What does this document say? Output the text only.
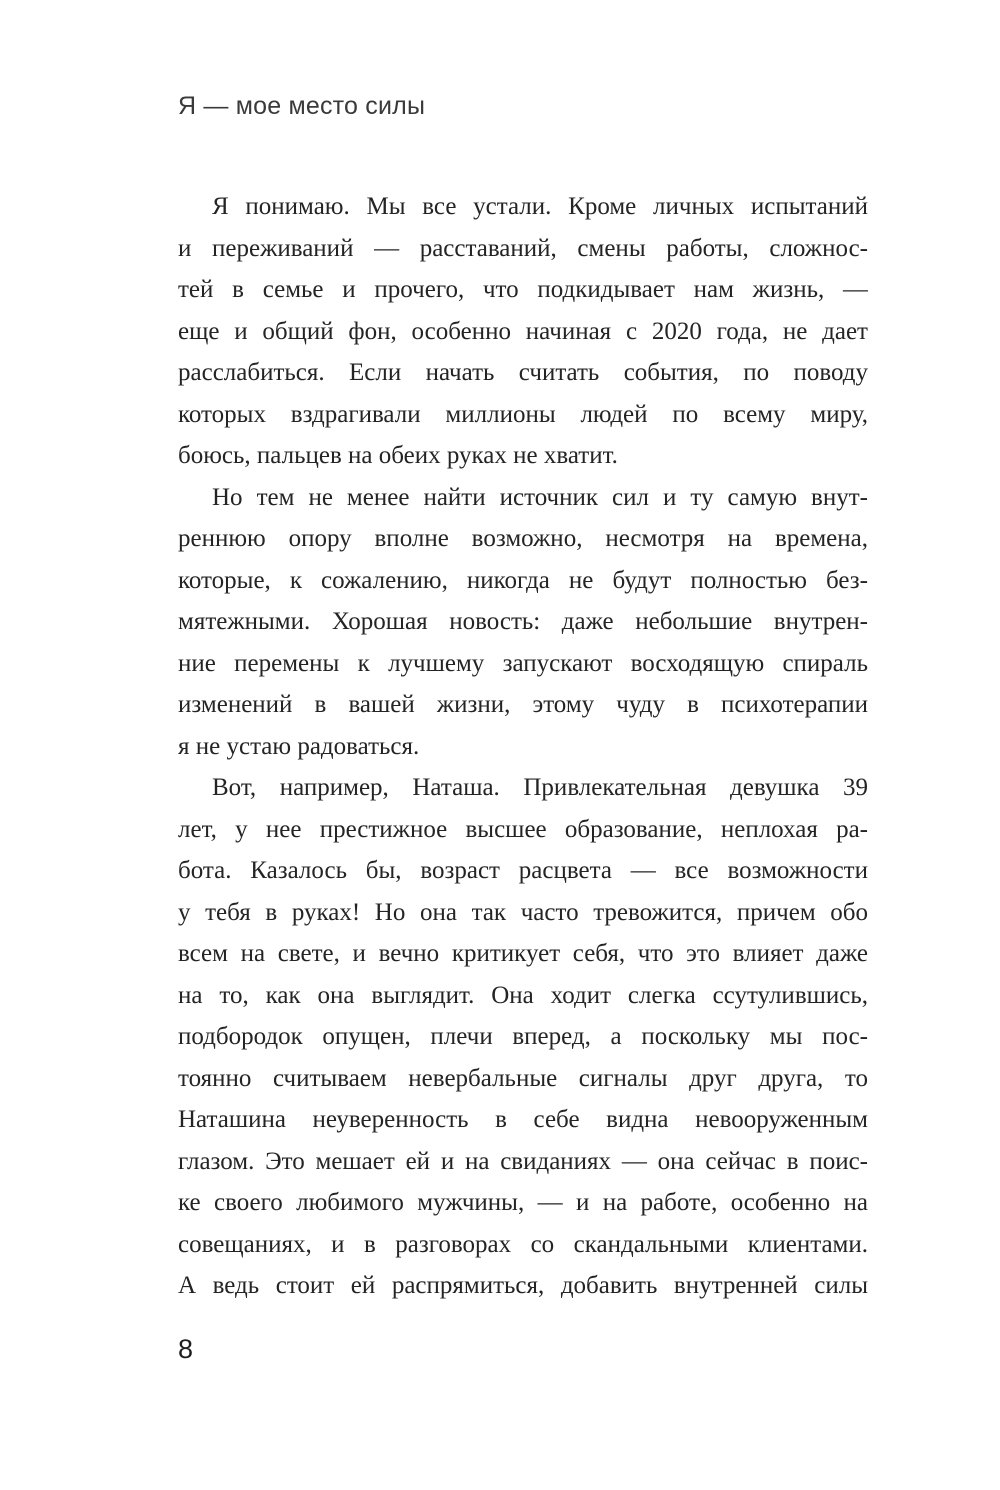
Я — мое место силы
Я понимаю. Мы все устали. Кроме личных испытаний
и переживаний — расставаний, смены работы, сложнос-
тей в семье и прочего, что подкидывает нам жизнь, —
еще и общий фон, особенно начиная с 2020 года, не дает
расслабиться. Если начать считать события, по поводу
которых вздрагивали миллионы людей по всему миру,
боюсь, пальцев на обеих руках не хватит.
Но тем не менее найти источник сил и ту самую внут-
реннюю опору вполне возможно, несмотря на времена,
которые, к сожалению, никогда не будут полностью без-
мятежными. Хорошая новость: даже небольшие внутрен-
ние перемены к лучшему запускают восходящую спираль
изменений в вашей жизни, этому чуду в психотерапии
я не устаю радоваться.
Вот, например, Наташа. Привлекательная девушка 39
лет, у нее престижное высшее образование, неплохая ра-
бота. Казалось бы, возраст расцвета — все возможности
у тебя в руках! Но она так часто тревожится, причем обо
всем на свете, и вечно критикует себя, что это влияет даже
на то, как она выглядит. Она ходит слегка ссутулившись,
подбородок опущен, плечи вперед, а поскольку мы пос-
тоянно считываем невербальные сигналы друг друга, то
Наташина неуверенность в себе видна невооруженным
глазом. Это мешает ей и на свиданиях — она сейчас в поис-
ке своего любимого мужчины, — и на работе, особенно на
совещаниях, и в разговорах со скандальными клиентами.
А ведь стоит ей распрямиться, добавить внутренней силы
8
